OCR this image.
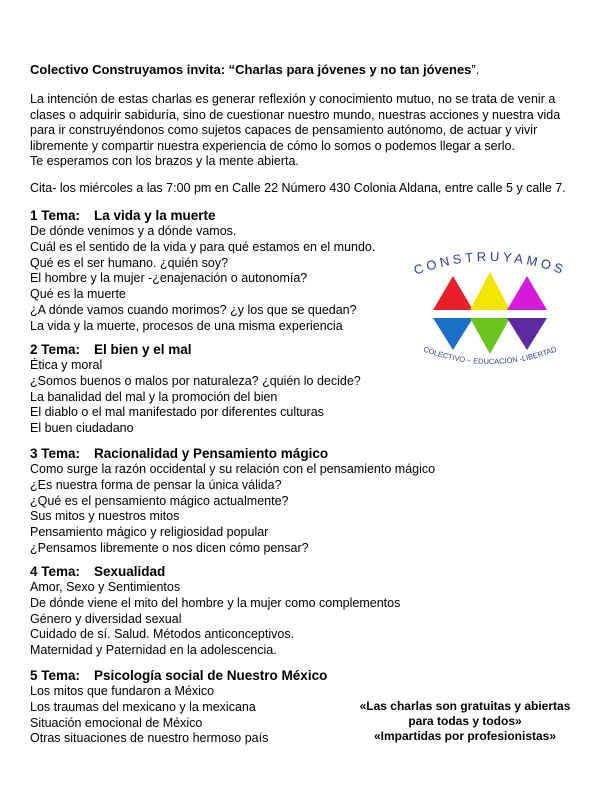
Colectivo Construyamos invita: “Charlas para jóvenes y no tan jóvenes”.

La intención de estas charlas es generar reflexión y conocimiento mutuo, no se trata de venir a

clases o adquirir sabiduría, sino de cuestionar nuestro mundo, nuestras acciones y nuestra vida

para ir construyéndonos como sujetos capaces de pensamiento autónomo, de actuar y vivir

libremente y compartir nuestra experiencia de cómo lo somos o podemos llegar a serlo.

Te esperamos con los brazos y la mente abierta.

Cita- los miércoles a las 7:00 pm en Calle 22 Número 430 Colonia Aldana, entre calle 5 y calle 7.
1 Tema: La vida y la muerte
De dónde venimos y a dónde vamos.
Cuál es el sentido de la vida y para qué estamos en el mundo.
Qué es el ser humano. ¿quién soy?
El hombre y la mujer -¿enajenación o autonomía?
Qué es la muerte
¿A dónde vamos cuando morimos? ¿y los que se quedan?
La vida y la muerte, procesos de una misma experiencia
2 Tema: El bien y el mal
Ética y moral
¿Somos buenos o malos por naturaleza? ¿quién lo decide?
La banalidad del mal y la promoción del bien
El diablo o el mal manifestado por diferentes culturas
El buen ciudadano
3 Tema: Racionalidad y Pensamiento mágico
Como surge la razón occidental y su relación con el pensamiento mágico
¿Es nuestra forma de pensar la única válida?
¿Qué es el pensamiento mágico actualmente?
Sus mitos y nuestros mitos
Pensamiento mágico y religiosidad popular
¿Pensamos libremente o nos dicen cómo pensar?
4 Tema: Sexualidad
Amor, Sexo y Sentimientos
De dónde viene el mito del hombre y la mujer como complementos
Género y diversidad sexual
Cuidado de sí. Salud. Métodos anticonceptivos.
Maternidad y Paternidad en la adolescencia.
5 Tema: Psicología social de Nuestro México
Los mitos que fundaron a México
Los traumas del mexicano y la mexicana
Situación emocional de México
Otras situaciones de nuestro hermoso país
CONSTRUYAMOS
COLECTIVO – EDUCACIÓN -LIBERTAD
«Las charlas son gratuitas y abiertas
para todas y todos»
«Impartidas por profesionistas»
